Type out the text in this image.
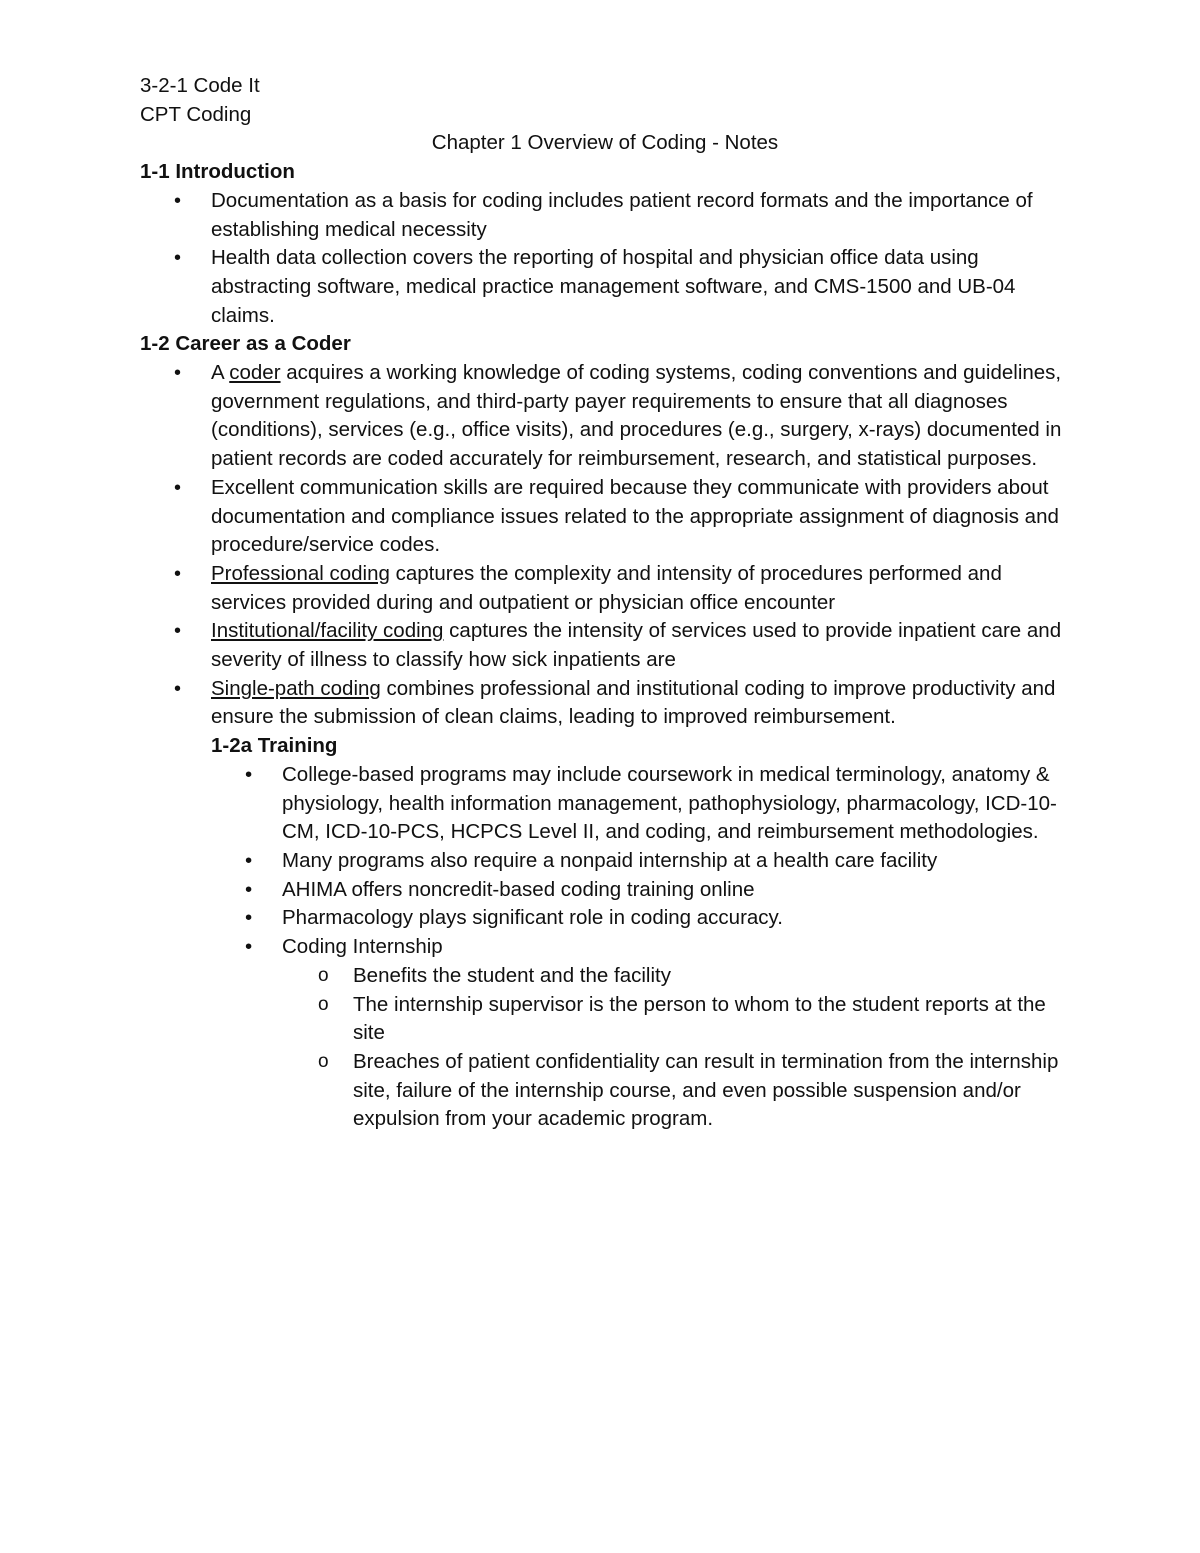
3-2-1 Code It

CPT Coding

Chapter 1 Overview of Coding - Notes

1-1 Introduction

• Documentation as a basis for coding includes patient record formats and the importance of establishing medical necessity
• Health data collection covers the reporting of hospital and physician office data using abstracting software, medical practice management software, and CMS-1500 and UB-04 claims.

1-2 Career as a Coder

• A coder acquires a working knowledge of coding systems, coding conventions and guidelines, government regulations, and third-party payer requirements to ensure that all diagnoses (conditions), services (e.g., office visits), and procedures (e.g., surgery, x-rays) documented in patient records are coded accurately for reimbursement, research, and statistical purposes.
• Excellent communication skills are required because they communicate with providers about documentation and compliance issues related to the appropriate assignment of diagnosis and procedure/service codes.
• Professional coding captures the complexity and intensity of procedures performed and services provided during and outpatient or physician office encounter
• Institutional/facility coding captures the intensity of services used to provide inpatient care and severity of illness to classify how sick inpatients are
• Single-path coding combines professional and institutional coding to improve productivity and ensure the submission of clean claims, leading to improved reimbursement.

1-2a Training

• College-based programs may include coursework in medical terminology, anatomy & physiology, health information management, pathophysiology, pharmacology, ICD-10-CM, ICD-10-PCS, HCPCS Level II, and coding, and reimbursement methodologies.
• Many programs also require a nonpaid internship at a health care facility
• AHIMA offers noncredit-based coding training online
• Pharmacology plays significant role in coding accuracy.
• Coding Internship
o Benefits the student and the facility
o The internship supervisor is the person to whom to the student reports at the site
o Breaches of patient confidentiality can result in termination from the internship site, failure of the internship course, and even possible suspension and/or expulsion from your academic program.
